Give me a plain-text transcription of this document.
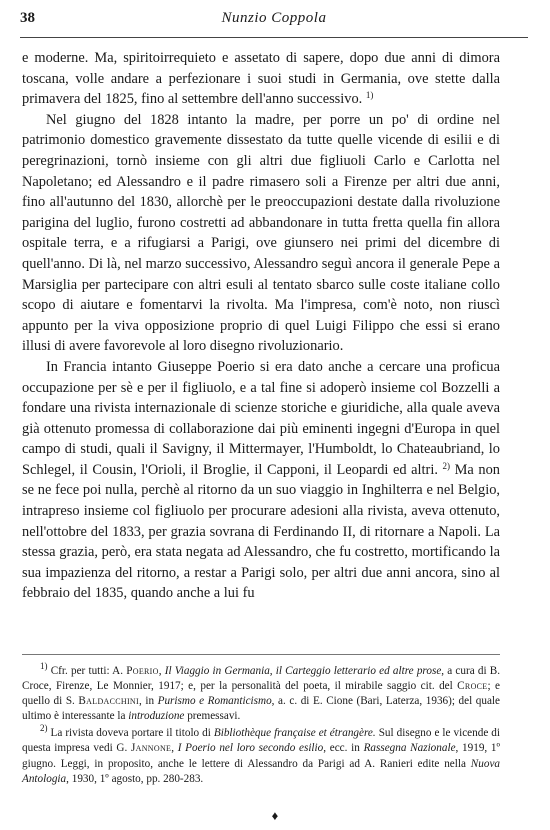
38	Nunzio Coppola

e moderne. Ma, spiritoirrequieto e assetato di sapere, dopo due anni di dimora toscana, volle andare a perfezionare i suoi studi in Germania, ove stette dalla primavera del 1825, fino al settembre dell'anno successivo. $^{1)}$

Nel giugno del 1828 intanto la madre, per porre un po' di ordine nel patrimonio domestico gravemente dissestato da tutte quelle vicende di esilii e di peregrinazioni, tornò insieme con gli altri due figliuoli Carlo e Carlotta nel Napoletano; ed Alessandro e il padre rimasero soli a Firenze per altri due anni, fino all'autunno del 1830, allorchè per le preoccupazioni destate dalla rivoluzione parigina del luglio, furono costretti ad abbandonare in tutta fretta quella fin allora ospitale terra, e a rifugiarsi a Parigi, ove giunsero nei primi del dicembre di quell'anno. Di là, nel marzo successivo, Alessandro seguì ancora il generale Pepe a Marsiglia per partecipare con altri esuli al tentato sbarco sulle coste italiane collo scopo di aiutare e fomentarvi la rivolta. Ma l'impresa, com'è noto, non riuscì appunto per la viva opposizione proprio di quel Luigi Filippo che essi si erano illusi di avere favorevole al loro disegno rivoluzionario.

In Francia intanto Giuseppe Poerio si era dato anche a cercare una proficua occupazione per sè e per il figliuolo, e a tal fine si adoperò insieme col Bozzelli a fondare una rivista internazionale di scienze storiche e giuridiche, alla quale aveva già ottenuto promessa di collaborazione dai più eminenti ingegni d'Europa in quel campo di studi, quali il Savigny, il Mittermayer, l'Humboldt, lo Chateaubriand, lo Schlegel, il Cousin, l'Orioli, il Broglie, il Capponi, il Leopardi ed altri. $^{2)}$ Ma non se ne fece poi nulla, perchè al ritorno da un suo viaggio in Inghilterra e nel Belgio, intrapreso insieme col figliuolo per procurare adesioni alla rivista, aveva ottenuto, nell'ottobre del 1833, per grazia sovrana di Ferdinando II, di ritornare a Napoli. La stessa grazia, però, era stata negata ad Alessandro, che fu costretto, mortificando la sua impazienza del ritorno, a restar a Parigi solo, per altri due anni ancora, sino al febbraio del 1835, quando anche a lui fu

$^{1)}$ Cfr. per tutti: A. Poerio, Il Viaggio in Germania, il Carteggio letterario ed altre prose, a cura di B. Croce, Firenze, Le Monnier, 1917; e, per la personalità del poeta, il mirabile saggio cit. del Croce; e quello di S. Baldacchini, in Purismo e Romanticismo, a. c. di E. Cione (Bari, Laterza, 1936); del quale ultimo è interessante la introduzione premessavi.

$^{2)}$ La rivista doveva portare il titolo di Bibliothèque française et étrangère. Sul disegno e le vicende di questa impresa vedi G. Jannone, I Poerio nel loro secondo esilio, ecc. in Rassegna Nazionale, 1919, 1º giugno. Leggi, in proposito, anche le lettere di Alessandro da Parigi ad A. Ranieri edite nella Nuova Antologia, 1930, 1º agosto, pp. 280-283.

♦
